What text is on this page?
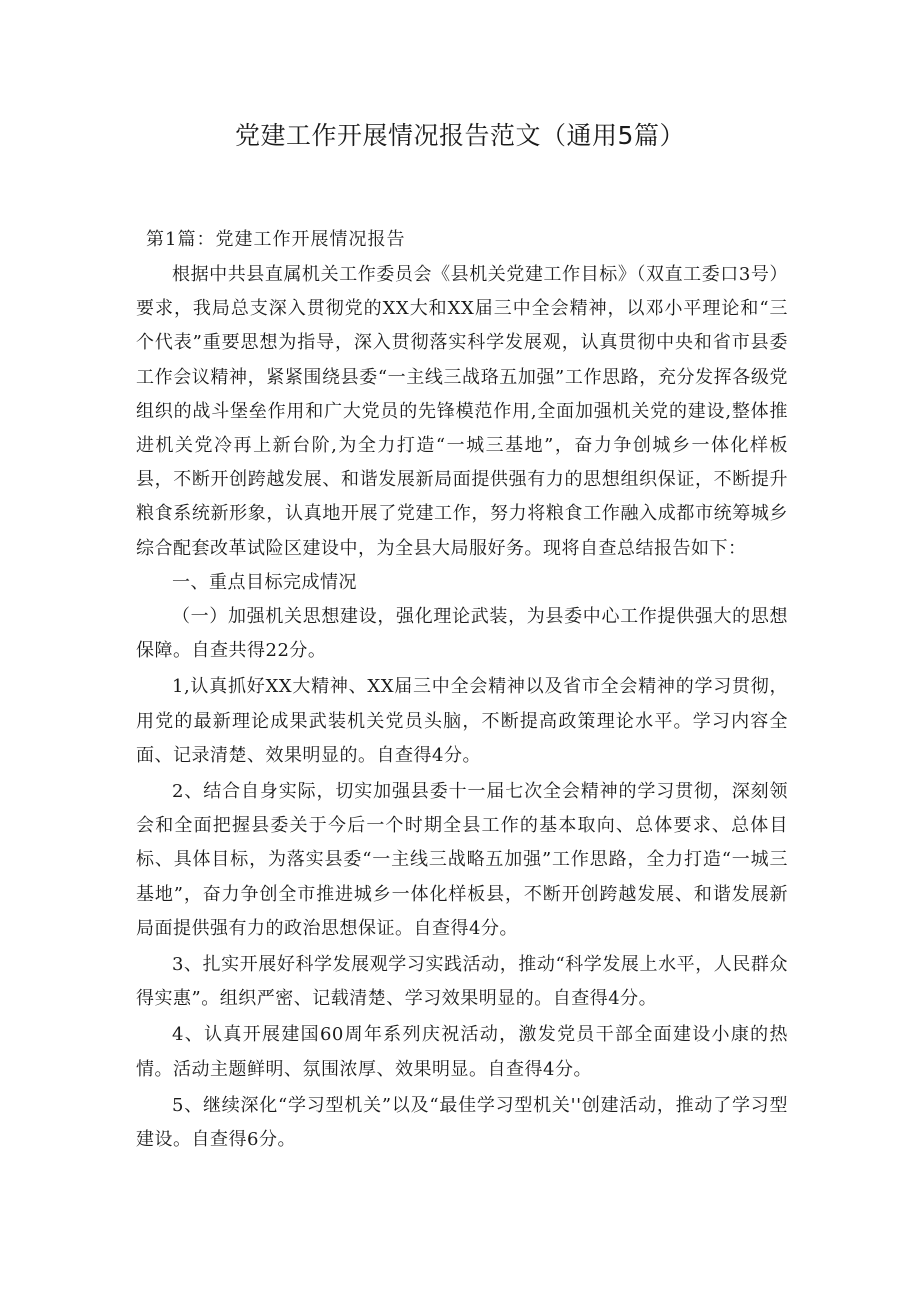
党建工作开展情况报告范文（通用5篇）

第1篇：党建工作开展情况报告

根据中共县直属机关工作委员会《县机关党建工作目标》（双直工委口3号）要求，我局总支深入贯彻党的XX大和XX届三中全会精神，以邓小平理论和“三个代表”重要思想为指导，深入贯彻落实科学发展观，认真贯彻中央和省市县委工作会议精神，紧紧围绕县委“一主线三战珞五加强”工作思路，充分发挥各级党组织的战斗堡垒作用和广大党员的先锋模范作用,全面加强机关党的建设,整体推进机关党冷再上新台阶,为全力打造“一城三基地”，奋力争创城乡一体化样板县，不断开创跨越发展、和谐发展新局面提供强有力的思想组织保证，不断提升粮食系统新形象，认真地开展了党建工作，努力将粮食工作融入成都市统筹城乡综合配套改革试险区建设中，为全县大局服好务。现将自查总结报告如下：

一、重点目标完成情况

（一）加强机关思想建设，强化理论武装，为县委中心工作提供强大的思想保障。自查共得22分。

1,认真抓好XX大精神、XX届三中全会精神以及省市全会精神的学习贯彻，用党的最新理论成果武装机关党员头脑，不断提高政策理论水平。学习内容全面、记录清楚、效果明显的。自查得4分。

2、结合自身实际，切实加强县委十一届七次全会精神的学习贯彻，深刻领会和全面把握县委关于今后一个时期全县工作的基本取向、总体要求、总体目标、具体目标，为落实县委“一主线三战略五加强”工作思路，全力打造“一城三基地”，奋力争创全市推进城乡一体化样板县，不断开创跨越发展、和谐发展新局面提供强有力的政治思想保证。自查得4分。

3、扎实开展好科学发展观学习实践活动，推动“科学发展上水平，人民群众得实惠”。组织严密、记载清楚、学习效果明显的。自查得4分。

4、认真开展建国60周年系列庆祝活动，激发党员干部全面建设小康的热情。活动主题鲜明、氛围浓厚、效果明显。自查得4分。

5、继续深化“学习型机关”以及“最佳学习型机关''创建活动，推动了学习型建设。自查得6分。
